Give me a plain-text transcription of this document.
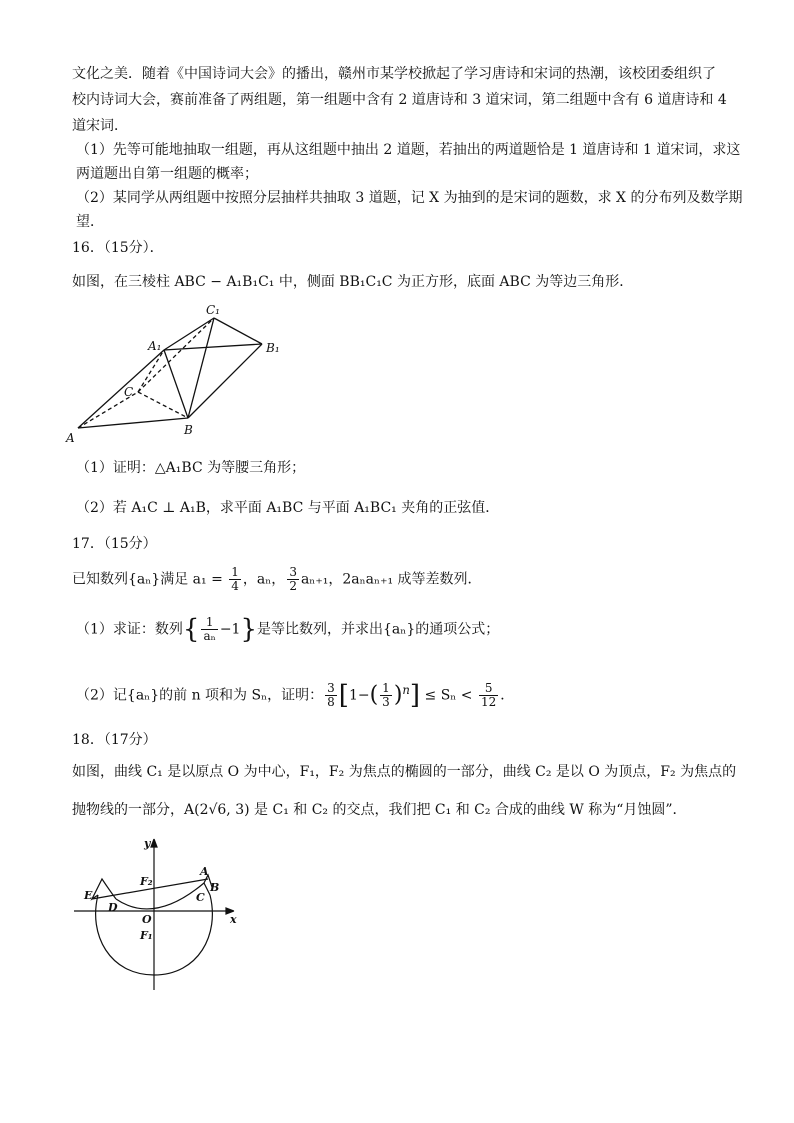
文化之美．随着《中国诗词大会》的播出，赣州市某学校掀起了学习唐诗和宋词的热潮，该校团委组织了
校内诗词大会，赛前准备了两组题，第一组题中含有 2 道唐诗和 3 道宋词，第二组题中含有 6 道唐诗和 4
道宋词．
（1）先等可能地抽取一组题，再从这组题中抽出 2 道题，若抽出的两道题恰是 1 道唐诗和 1 道宋词，求这
两道题出自第一组题的概率；
（2）某同学从两组题中按照分层抽样共抽取 3 道题，记 X 为抽到的是宋词的题数，求 X 的分布列及数学期
望．
16．（15分）．
如图，在三棱柱 ABC − A₁B₁C₁ 中，侧面 BB₁C₁C 为正方形，底面 ABC 为等边三角形．
C₁
A₁	B₁
C
A
B
（1）证明：△A₁BC 为等腰三角形；
（2）若 A₁C ⊥ A₁B，求平面 A₁BC 与平面 A₁BC₁ 夹角的正弦值．
17．（15分）
已知数列{aₙ}满足 $a_1 = \frac{1}{4}$ ，aₙ， $\frac{3}{2} a_{n+1}$，2aₙaₙ₊₁ 成等差数列．
（1）求证：数列{ $\frac{1}{\text{aₙ}} -1$}是等比数列，并求出{aₙ}的通项公式；
（2）记{aₙ}的前 n 项和为 Sₙ，证明： $\frac{3}{8} [1-( \frac{1}{3} )^n] \le S_n < \frac{5}{12}$ ．
18．（17分）
如图，曲线 C₁ 是以原点 O 为中心，F₁，F₂ 为焦点的椭圆的一部分，曲线 C₂ 是以 O 为顶点，F₂ 为焦点的
抛物线的一部分，A(2√6, 3) 是 C₁ 和 C₂ 的交点，我们把 C₁ 和 C₂ 合成的曲线 W 称为“月蚀圆”．
y
x
F₂
A
B
C
E
D
O
F₁
